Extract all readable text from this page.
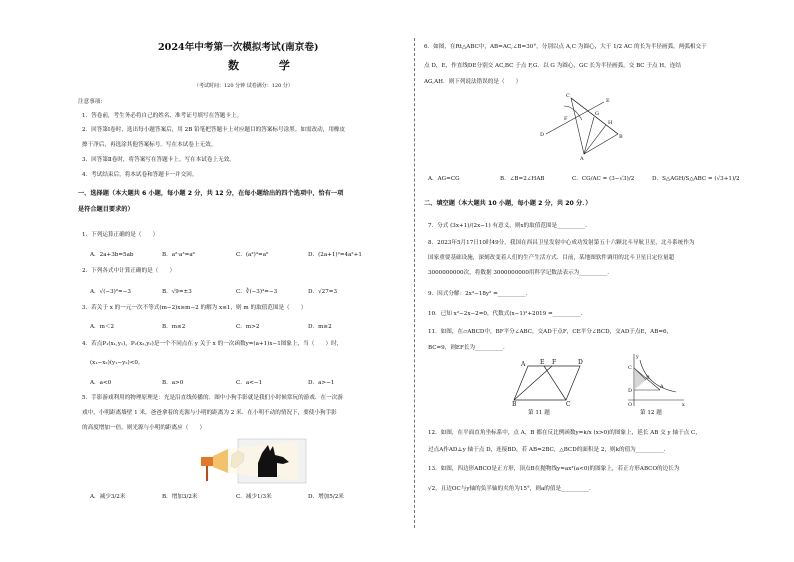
2024年中考第一次模拟考试(南京卷)
数 学
（考试时间：120 分钟 试卷满分：120 分）
注意事项:
1．答卷前，考生务必将自己的姓名、准考证号填写在答题卡上。
2．回答第Ⅰ卷时，选出每小题答案后，用 2B 铅笔把答题卡上对应题目的答案标号涂黑。如需改动，用橡皮
擦干净后，再选涂其他答案标号。写在本试卷上无效。
3．回答第Ⅱ卷时，将答案写在答题卡上。写在本试卷上无效。
4．考试结束后，将本试卷和答题卡一并交回。
一、选择题（本大题共 6 小题，每小题 2 分，共 12 分，在每小题给出的四个选项中，恰有一项
是符合题目要求的）
1．下列运算正确的是（　　）
A．2a+3b=5ab	B．a²·a³=a⁶	C．(a²)³=a⁶	D．(2a+1)²=4a²+1
2．下列各式中计算正确的是（　　）
A．√(−3)²=−3	B．√9=±3	C．∛(−3)³=−3	D．√27=3
3．若关于 x 的一元一次不等式(m−2)x≥m−2 的解为 x≤1，则 m 的取值范围是（　　）
A．m＜2	B．m≤2	C．m>2	D．m≥2
4．若点P₁(x₁,y₁)，P₂(x₂,y₂)是一个不同点在 y 关于 x 的一次函数y=(a+1)x−1图象上，当（　　）时，
(x₁−x₂)(y₁−y₂)<0。
A．a<0	B．a>0	C．a<−1	D．a>−1
5．手影游戏利用的物理原理是：光是沿直线传播的．图中小狗手影就是我们小时候常玩的游戏．在一次游
戏中，小明距离墙壁 1 米，爸爸拿着的光源与小明的距离为 2 米．在小明不动的情况下，要使小狗手影
的高度增加一倍，则光源与小明的距离应（　　）
A．减少3/2米	B．增加3/2米	C．减少1/3米	D．增加5/2米
6．如图，在Rt△ABC中，AB=AC,∠B=30°，分别以点 A,C 为圆心，大于 1/2 AC 的长为半径画弧，两弧相交于
点 D，E，作直线DE分别交 AC,BC 于点 F,G．以 G 为圆心，GC 长为半径画弧，交 BC 于点 H，连结
AG,AH．则下列说法错误的是（　　）
C
D
E
F
G
H
A
B
A．AG=CG	B．∠B=2∠HAB	C．CG/AC = (3−√3)/2	D．S△AGH/S△ABC = (√3+1)/2
二、填空题（本大题共 10 小题，每小题 2 分，共 20 分．）
7．分式 (3x+1)/(2x−1) 有意义，则x的取值范围是__________.
8．2023年5月17日10时49分，我国在西昌卫星发射中心成功发射第五十六颗北斗导航卫星，北斗系统作为
国家重要基础设施，深刻改变着人们的生产生活方式．目前，某地图软件调用的北斗卫星日定位量超
3000000000次，将数据 3000000000用科学记数法表示为__________.
9．因式分解：2x³−18y² =__________.
10．已知 x²−2x−2=0，代数式(x−1)²+2019 =__________.
11．如图，在▱ABCD中，BF平分∠ABC，交AD于点F，CE平分∠BCD，交AD于点E，AB=6，
BC=9，则EF长为__________.
A E F	D
B	C
第 11 题
y
x
C
A
B
O
D
第 12 题
12．如图，在平面直角坐标系中，点 A，B 都在反比例函数y=k/x (x>0)的图象上，延长 AB 交 y 轴于点 C，
过点A作AD⊥y 轴于点 D，连接BD，若 AB=2BC，△BCD的面积是 2，则k的值为__________.
13．如图，四边形ABCO是正方形，顶点B在抛物线y=ax²(a<0)的图象上，若正方形ABCO的边长为
√2，且边OC与y轴的负半轴的夹角为15°，则a的值是__________.
